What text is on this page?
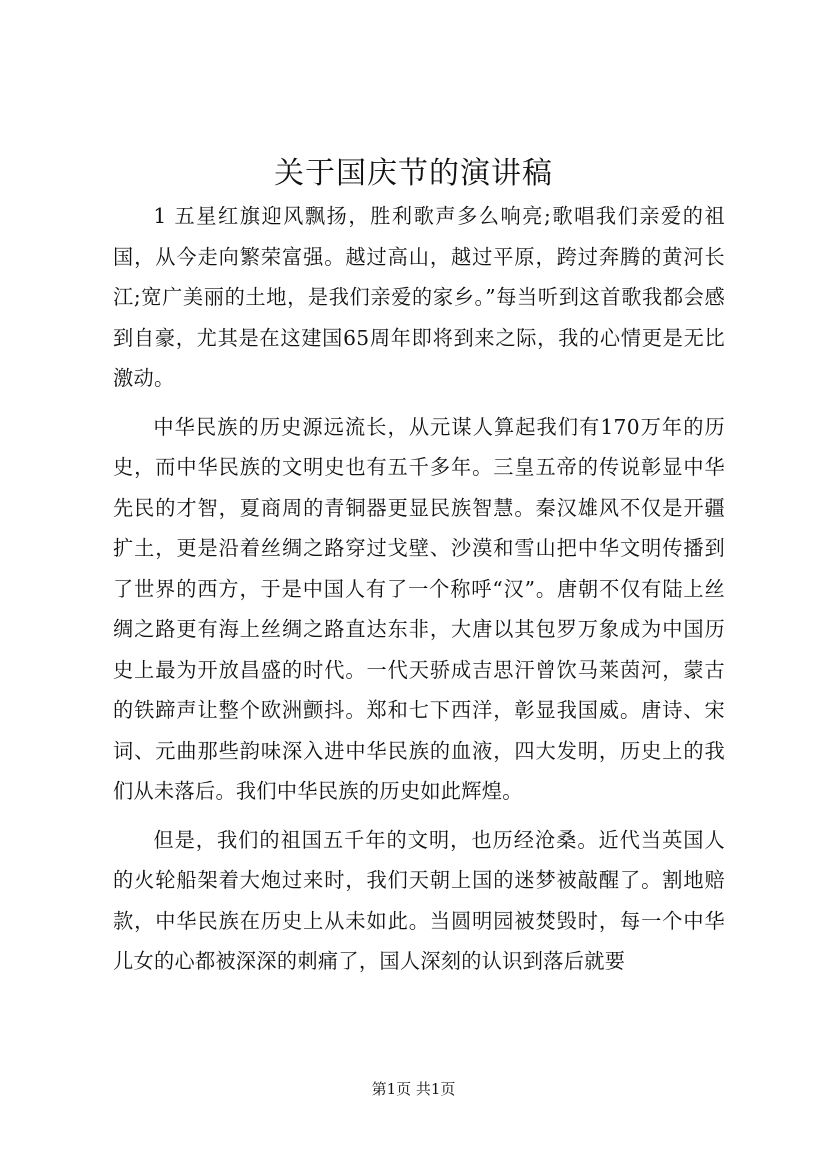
关于国庆节的演讲稿

1 五星红旗迎风飘扬，胜利歌声多么响亮;歌唱我们亲爱的祖国，从今走向繁荣富强。越过高山，越过平原，跨过奔腾的黄河长江;宽广美丽的土地，是我们亲爱的家乡。”每当听到这首歌我都会感到自豪，尤其是在这建国65周年即将到来之际，我的心情更是无比激动。

中华民族的历史源远流长，从元谋人算起我们有170万年的历史，而中华民族的文明史也有五千多年。三皇五帝的传说彰显中华先民的才智，夏商周的青铜器更显民族智慧。秦汉雄风不仅是开疆扩土，更是沿着丝绸之路穿过戈壁、沙漠和雪山把中华文明传播到了世界的西方，于是中国人有了一个称呼“汉”。唐朝不仅有陆上丝绸之路更有海上丝绸之路直达东非，大唐以其包罗万象成为中国历史上最为开放昌盛的时代。一代天骄成吉思汗曾饮马莱茵河，蒙古的铁蹄声让整个欧洲颤抖。郑和七下西洋，彰显我国威。唐诗、宋词、元曲那些韵味深入进中华民族的血液，四大发明，历史上的我们从未落后。我们中华民族的历史如此辉煌。

但是，我们的祖国五千年的文明，也历经沧桑。近代当英国人的火轮船架着大炮过来时，我们天朝上国的迷梦被敲醒了。割地赔款，中华民族在历史上从未如此。当圆明园被焚毁时，每一个中华儿女的心都被深深的刺痛了，国人深刻的认识到落后就要

第1页 共1页
